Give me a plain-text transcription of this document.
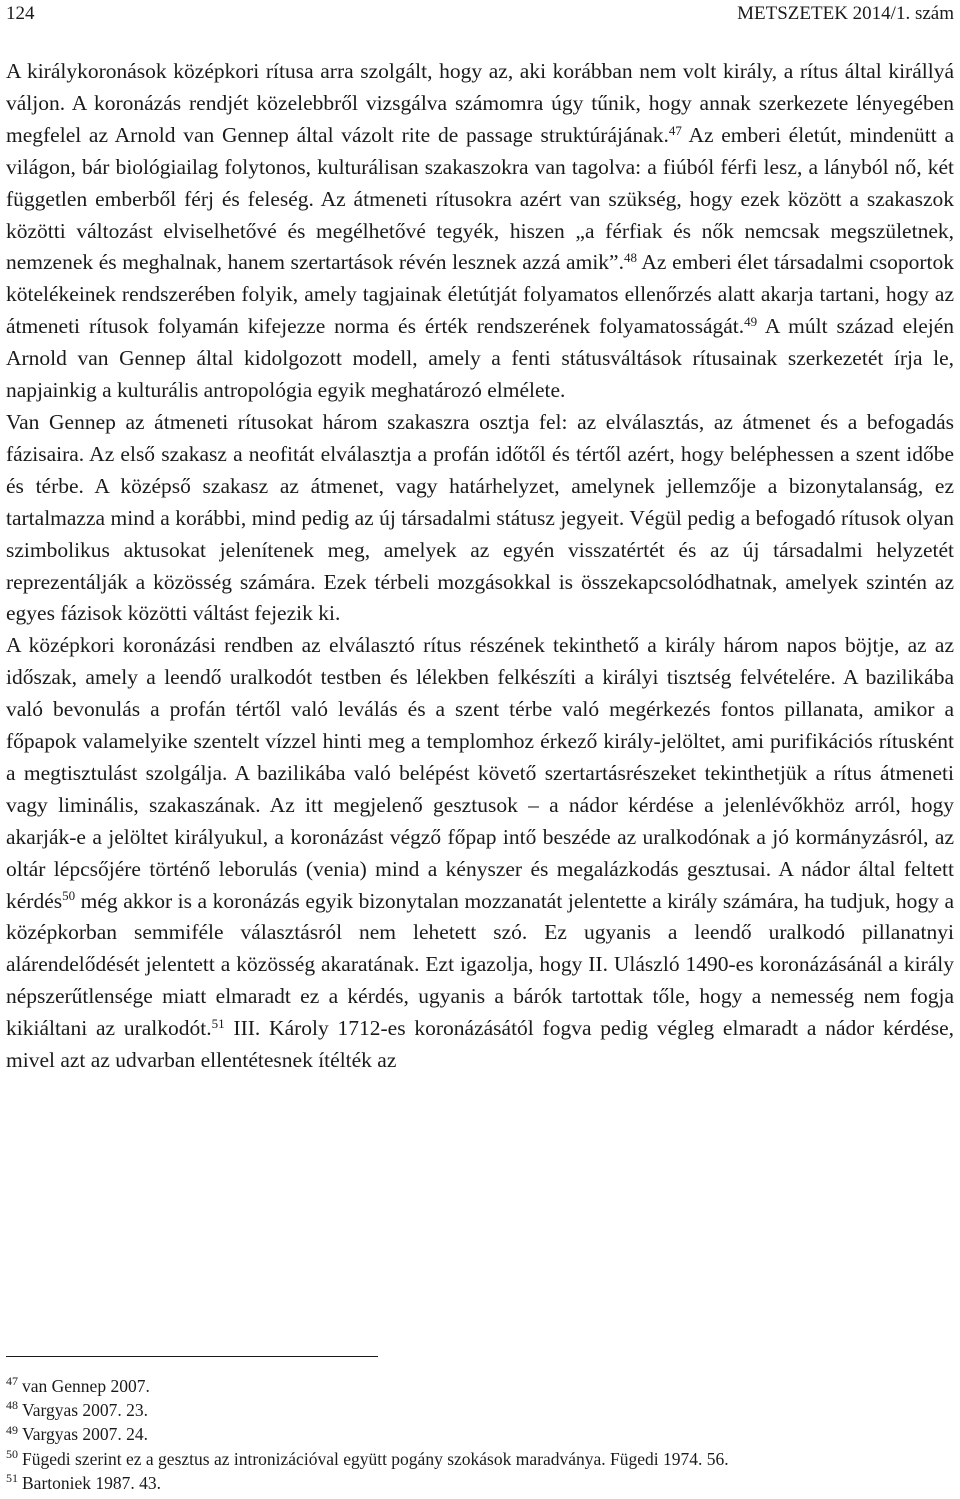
124	METSZETEK 2014/1. szám

A királykoronások középkori rítusa arra szolgált, hogy az, aki korábban nem volt király, a rítus által királlyá váljon. A koronázás rendjét közelebbről vizsgálva számomra úgy tűnik, hogy annak szerkezete lényegében megfelel az Arnold van Gennep által vázolt rite de passage struktúrájának.$^{47}$ Az emberi életút, mindenütt a világon, bár biológiailag folytonos, kulturálisan szakaszokra van tagolva: a fiúból férfi lesz, a lányból nő, két független emberből férj és feleség. Az átmeneti rítusokra azért van szükség, hogy ezek között a szakaszok közötti változást elviselhetővé és megélhetővé tegyék, hiszen „a férfiak és nők nemcsak megszületnek, nemzenek és meghalnak, hanem szertartások révén lesznek azzá amik”.$^{48}$ Az emberi élet társadalmi csoportok kötelékeinek rendszerében folyik, amely tagjainak életútját folyamatos ellenőrzés alatt akarja tartani, hogy az átmeneti rítusok folyamán kifejezze norma és érték rendszerének folyamatosságát.$^{49}$ A múlt század elején Arnold van Gennep által kidolgozott modell, amely a fenti státusváltások rítusainak szerkezetét írja le, napjainkig a kulturális antropológia egyik meghatározó elmélete.

Van Gennep az átmeneti rítusokat három szakaszra osztja fel: az elválasztás, az átmenet és a befogadás fázisaira. Az első szakasz a neofitát elválasztja a profán időtől és tértől azért, hogy beléphessen a szent időbe és térbe. A középső szakasz az átmenet, vagy határhelyzet, amelynek jellemzője a bizonytalanság, ez tartalmazza mind a korábbi, mind pedig az új társadalmi státusz jegyeit. Végül pedig a befogadó rítusok olyan szimbolikus aktusokat jelenítenek meg, amelyek az egyén visszatértét és az új társadalmi helyzetét reprezentálják a közösség számára. Ezek térbeli mozgásokkal is összekapcsolódhatnak, amelyek szintén az egyes fázisok közötti váltást fejezik ki.

A középkori koronázási rendben az elválasztó rítus részének tekinthető a király három napos böjtje, az az időszak, amely a leendő uralkodót testben és lélekben felkészíti a királyi tisztség felvételére. A bazilikába való bevonulás a profán tértől való leválás és a szent térbe való megérkezés fontos pillanata, amikor a főpapok valamelyike szentelt vízzel hinti meg a templomhoz érkező király-jelöltet, ami purifikációs rítusként a megtisztulást szolgálja. A bazilikába való belépést követő szertartásrészeket tekinthetjük a rítus átmeneti vagy liminális, szakaszának. Az itt megjelenő gesztusok – a nádor kérdése a jelenlévőkhöz arról, hogy akarják-e a jelöltet királyukul, a koronázást végző főpap intő beszéde az uralkodónak a jó kormányzásról, az oltár lépcsőjére történő leborulás (venia) mind a kényszer és megalázkodás gesztusai. A nádor által feltett kérdés$^{50}$ még akkor is a koronázás egyik bizonytalan mozzanatát jelentette a király számára, ha tudjuk, hogy a középkorban semmiféle választásról nem lehetett szó. Ez ugyanis a leendő uralkodó pillanatnyi alárendelődését jelentett a közösség akaratának. Ezt igazolja, hogy II. Ulászló 1490-es koronázásánál a király népszerűtlensége miatt elmaradt ez a kérdés, ugyanis a bárók tartottak tőle, hogy a nemesség nem fogja kikiáltani az uralkodót.$^{51}$ III. Károly 1712-es koronázásától fogva pedig végleg elmaradt a nádor kérdése, mivel azt az udvarban ellentétesnek ítélték az

$^{47}$ van Gennep 2007.

$^{48}$ Vargyas 2007. 23.

$^{49}$ Vargyas 2007. 24.

$^{50}$ Fügedi szerint ez a gesztus az intronizációval együtt pogány szokások maradványa. Fügedi 1974. 56.

$^{51}$ Bartoniek 1987. 43.
